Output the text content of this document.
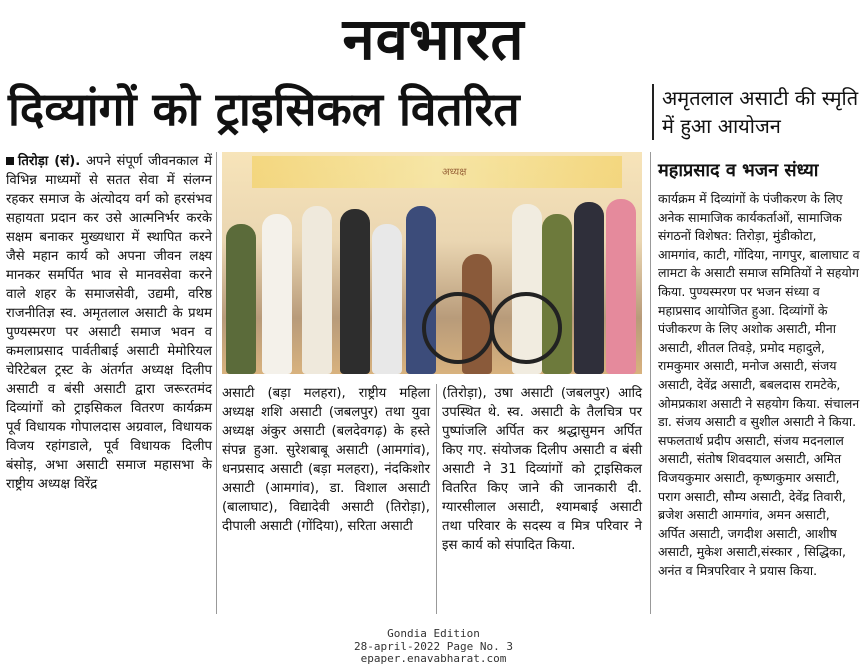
नवभारत
दिव्यांगों को ट्राइसिकल वितरित	अमृतलाल असाटी की स्मृति में हुआ आयोजन
अध्यक्ष

तिरोड़ा (सं). अपने संपूर्ण जीवनकाल में विभिन्न माध्यमों से सतत सेवा में संलग्न रहकर समाज के अंत्योदय वर्ग को हरसंभव सहायता प्रदान कर उसे आत्मनिर्भर करके सक्षम बनाकर मुख्यधारा में स्थापित करने जैसे महान कार्य को अपना जीवन लक्ष्य मानकर समर्पित भाव से मानवसेवा करने वाले शहर के समाजसेवी, उद्यमी, वरिष्ठ राजनीतिज्ञ स्व. अमृतलाल असाटी के प्रथम पुण्यस्मरण पर असाटी समाज भवन व कमलाप्रसाद पार्वतीबाई असाटी मेमोरियल चेरिटेबल ट्रस्ट के अंतर्गत अध्यक्ष दिलीप असाटी व बंसी असाटी द्वारा जरूरतमंद दिव्यांगों को ट्राइसिकल वितरण कार्यक्रम पूर्व विधायक गोपालदास अग्रवाल, विधायक विजय रहांगडाले, पूर्व विधायक दिलीप बंसोड़, अभा असाटी समाज महासभा के राष्ट्रीय अध्यक्ष विरेंद्र

असाटी (बड़ा मलहरा), राष्ट्रीय महिला अध्यक्ष शशि असाटी (जबलपुर) तथा युवा अध्यक्ष अंकुर असाटी (बलदेवगढ़) के हस्ते संपन्न हुआ. सुरेशबाबू असाटी (आमगांव), धनप्रसाद असाटी (बड़ा मलहरा), नंदकिशोर असाटी (आमगांव), डा. विशाल असाटी (बालाघाट), विद्यादेवी असाटी (तिरोड़ा), दीपाली असाटी (गोंदिया), सरिता असाटी

(तिरोड़ा), उषा असाटी (जबलपुर) आदि उपस्थित थे. स्व. असाटी के तैलचित्र पर पुष्पांजलि अर्पित कर श्रद्धासुमन अर्पित किए गए. संयोजक दिलीप असाटी व बंसी असाटी ने 31 दिव्यांगों को ट्राइसिकल वितरित किए जाने की जानकारी दी. ग्यारसीलाल असाटी, श्यामबाई असाटी तथा परिवार के सदस्य व मित्र परिवार ने इस कार्य को संपादित किया.

महाप्रसाद व भजन संध्या

कार्यक्रम में दिव्यांगों के पंजीकरण के लिए अनेक सामाजिक कार्यकर्ताओं, सामाजिक संगठनों विशेषत: तिरोड़ा, मुंडीकोटा, आमगांव, काटी, गोंदिया, नागपुर, बालाघाट व लामटा के असाटी समाज समितियों ने सहयोग किया. पुण्यस्मरण पर भजन संध्या व महाप्रसाद आयोजित हुआ. दिव्यांगों के पंजीकरण के लिए अशोक असाटी, मीना असाटी, शीतल तिवड़े, प्रमोद महादुले, रामकुमार असाटी, मनोज असाटी, संजय असाटी, देवेंद्र असाटी, बबलदास रामटेके, ओमप्रकाश असाटी ने सहयोग किया. संचालन डा. संजय असाटी व सुशील असाटी ने किया. सफलतार्थ प्रदीप असाटी, संजय मदनलाल असाटी, संतोष शिवदयाल असाटी, अमित विजयकुमार असाटी, कृष्णकुमार असाटी, पराग असाटी, सौम्य असाटी, देवेंद्र तिवारी, ब्रजेश असाटी आमगांव, अमन असाटी, अर्पित असाटी, जगदीश असाटी, आशीष असाटी, मुकेश असाटी,संस्कार , सिद्धिका, अनंत व मित्रपरिवार ने प्रयास किया.

Gondia Edition
28-april-2022 Page No. 3
epaper.enavabharat.com
